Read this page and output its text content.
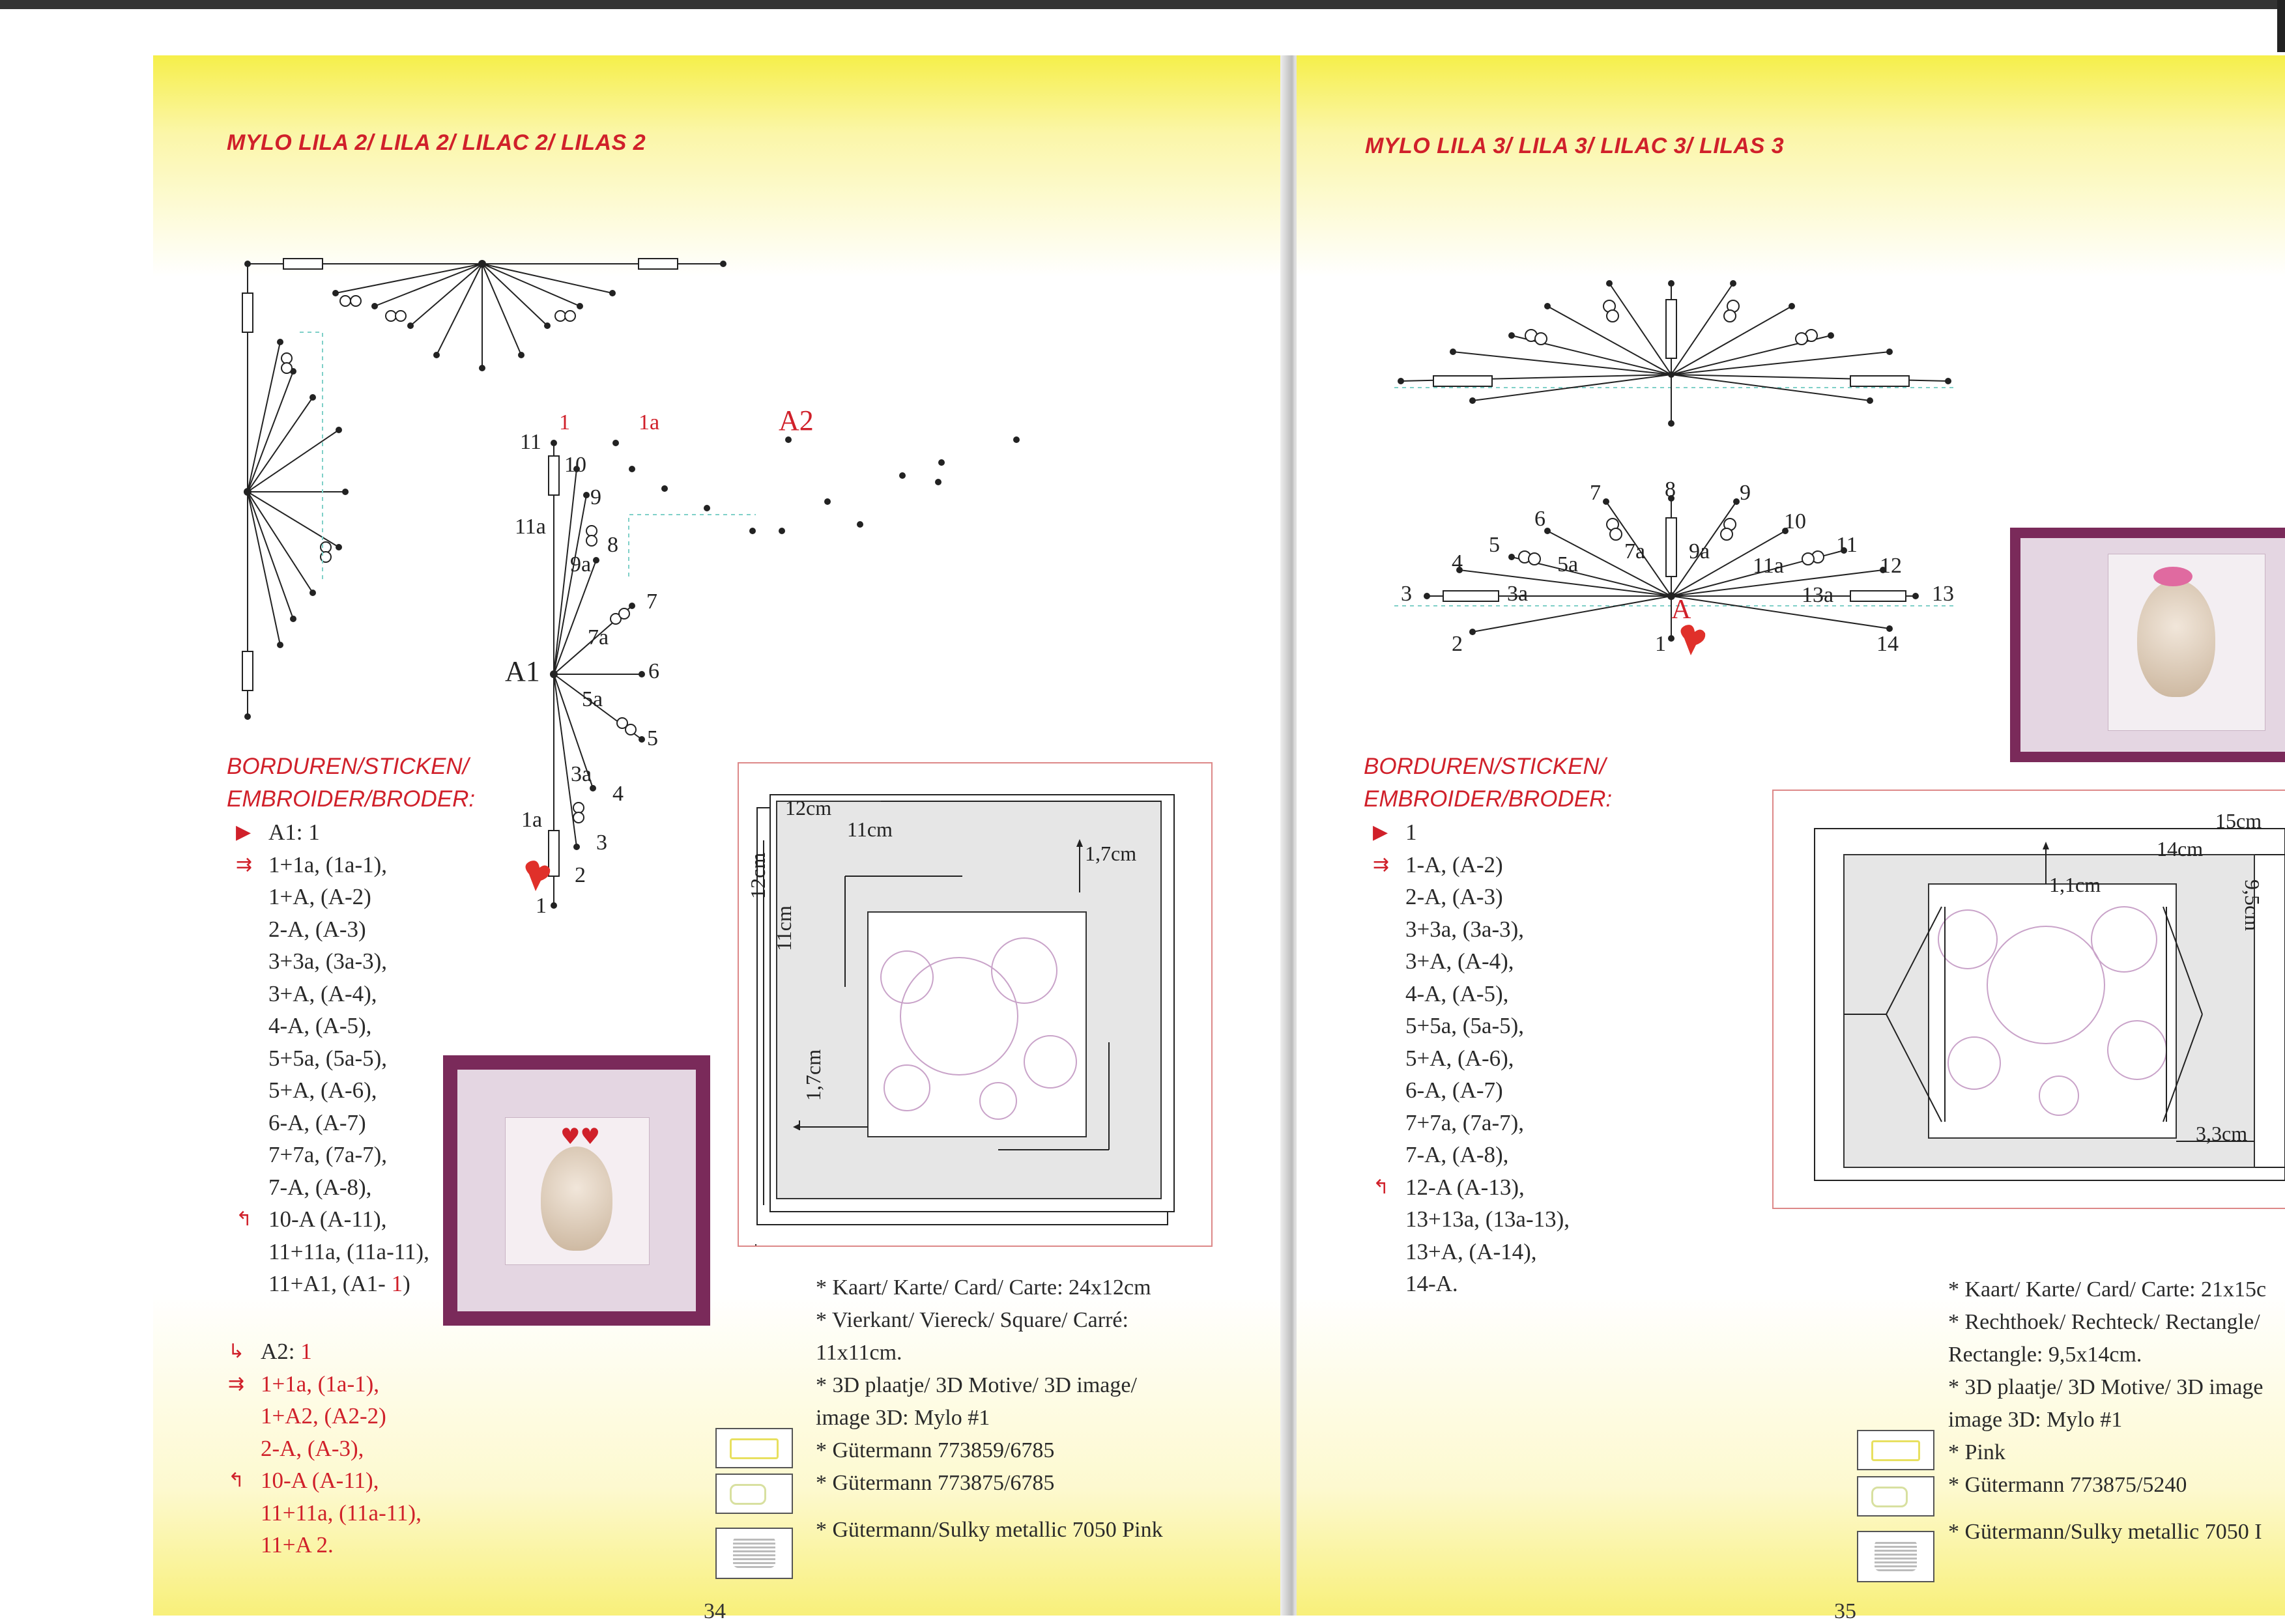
MYLO LILA 2/ LILA 2/ LILAC 2/ LILAS 2	MYLO LILA 3/ LILA 3/ LILAC 3/ LILAS 3
1	1a	A2
11
10
9
11a
8
9a
7
7a
A1	6
5a
5
3a
4
1a
3
2
1
BORDUREN/STICKEN/
EMBROIDER/BRODER:
▶ A1: 1
⇉ 1+1a, (1a-1),
1+A, (A-2)
2-A, (A-3)
3+3a, (3a-3),
3+A, (A-4),
4-A, (A-5),
5+5a, (5a-5),
5+A, (A-6),
6-A, (A-7)
7+7a, (7a-7),
7-A, (A-8),
↰ 10-A (A-11),
11+11a, (11a-11),
11+A1, (A1- 1)
↳ A2: 1
⇉ 1+1a, (1a-1),
1+A2, (A2-2)
2-A, (A-3),
↰ 10-A (A-11),
11+11a, (11a-11),
11+A 2.
♥♥
12cm
11cm
1,7cm
12cm
11cm
1,7cm
* Kaart/ Karte/ Card/ Carte: 24x12cm
* Vierkant/ Viereck/ Square/ Carré:
11x11cm.
* 3D plaatje/ 3D Motive/ 3D image/
image 3D: Mylo #1
* Gütermann 773859/6785
* Gütermann 773875/6785
* Gütermann/Sulky metallic 7050 Pink
34
7	8	9
6	10
5	7a 9a	11
4	5a	11a	12
3	3a	13a	13
A
2	1	14
BORDUREN/STICKEN/
EMBROIDER/BRODER:
▶ 1
⇉ 1-A, (A-2)
2-A, (A-3)
3+3a, (3a-3),
3+A, (A-4),
4-A, (A-5),
5+5a, (5a-5),
5+A, (A-6),
6-A, (A-7)
7+7a, (7a-7),
7-A, (A-8),
↰ 12-A (A-13),
13+13a, (13a-13),
13+A, (A-14),
14-A.
15cm
14cm
1,1cm	9,5cm
3,3cm
* Kaart/ Karte/ Card/ Carte: 21x15c
* Rechthoek/ Rechteck/ Rectangle/
Rectangle: 9,5x14cm.
* 3D plaatje/ 3D Motive/ 3D image
image 3D: Mylo #1
* Pink
* Gütermann 773875/5240
* Gütermann/Sulky metallic 7050 I
35
